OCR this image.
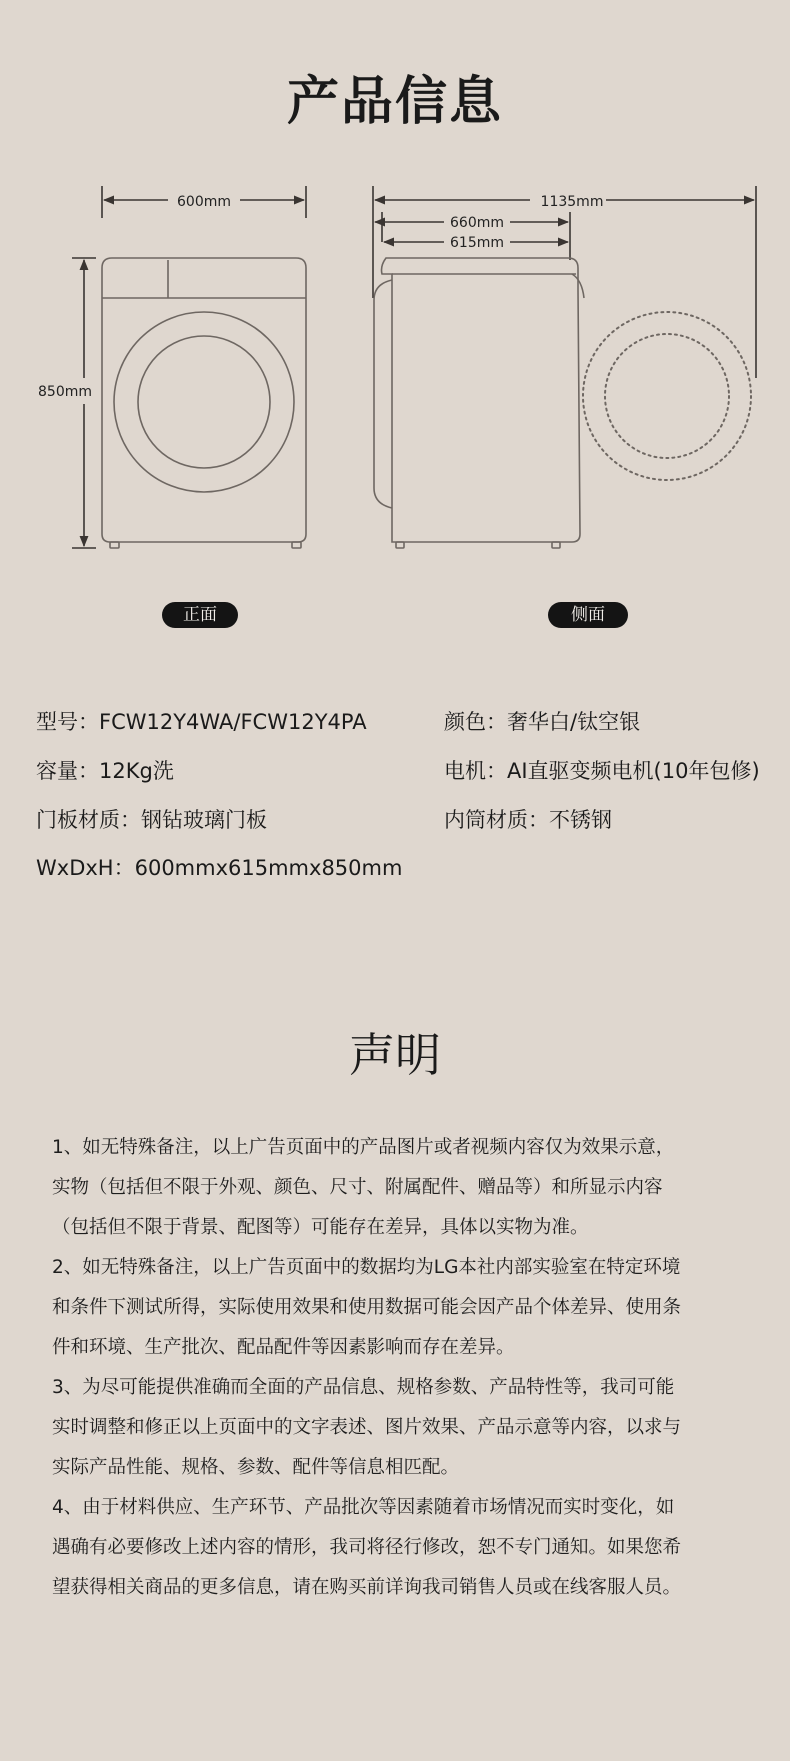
产品信息
600mm
850mm
1135mm
660mm
615mm
正面	侧面
型号：FCW12Y4WA/FCW12Y4PA	颜色：奢华白/钛空银
容量：12Kg洗	电机：AI直驱变频电机(10年包修)
门板材质：钢钻玻璃门板	内筒材质：不锈钢
WxDxH：600mmx615mmx850mm
声明

1、如无特殊备注，以上广告页面中的产品图片或者视频内容仅为效果示意，

实物（包括但不限于外观、颜色、尺寸、附属配件、赠品等）和所显示内容

（包括但不限于背景、配图等）可能存在差异，具体以实物为准。

2、如无特殊备注，以上广告页面中的数据均为LG本社内部实验室在特定环境

和条件下测试所得，实际使用效果和使用数据可能会因产品个体差异、使用条

件和环境、生产批次、配品配件等因素影响而存在差异。

3、为尽可能提供准确而全面的产品信息、规格参数、产品特性等，我司可能

实时调整和修正以上页面中的文字表述、图片效果、产品示意等内容，以求与

实际产品性能、规格、参数、配件等信息相匹配。

4、由于材料供应、生产环节、产品批次等因素随着市场情况而实时变化，如

遇确有必要修改上述内容的情形，我司将径行修改，恕不专门通知。如果您希

望获得相关商品的更多信息，请在购买前详询我司销售人员或在线客服人员。
